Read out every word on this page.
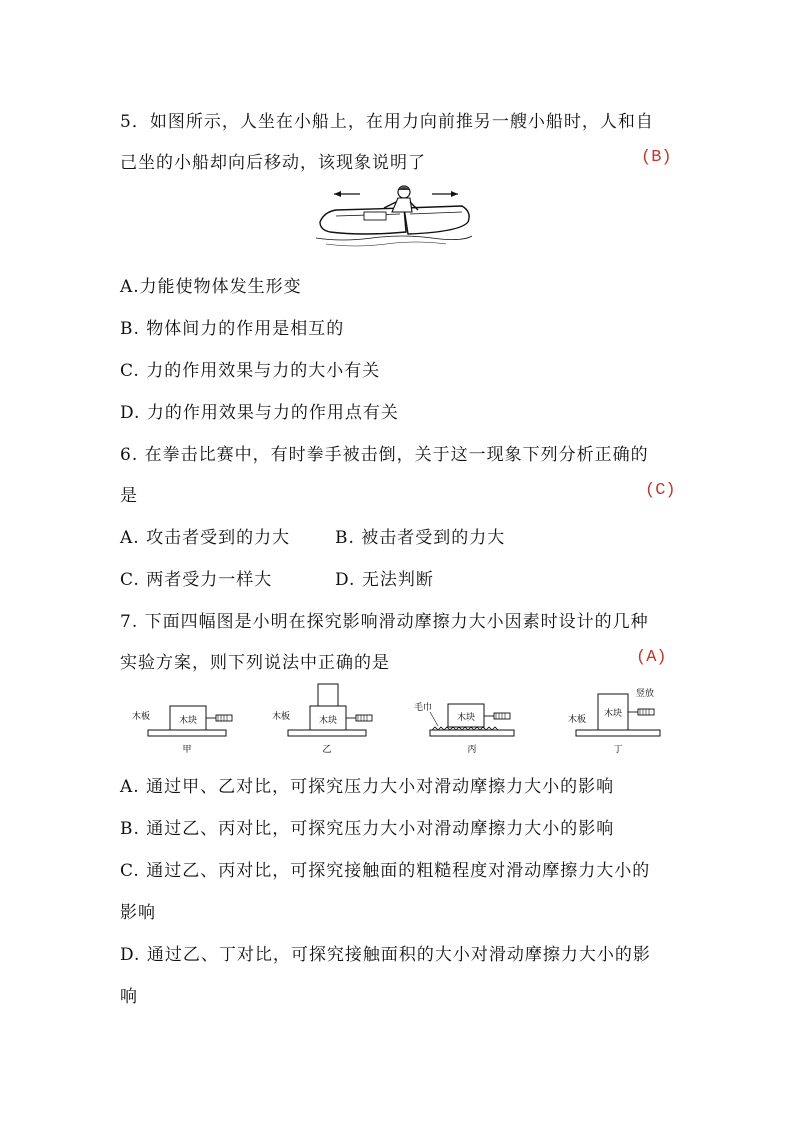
5．如图所示，人坐在小船上，在用力向前推另一艘小船时，人和自
己坐的小船却向后移动，该现象说明了	(B)
A.力能使物体发生形变
B. 物体间力的作用是相互的
C. 力的作用效果与力的大小有关
D. 力的作用效果与力的作用点有关
6. 在拳击比赛中，有时拳手被击倒，关于这一现象下列分析正确的
是	(C)
A. 攻击者受到的力大	B. 被击者受到的力大
C. 两者受力一样大	D. 无法判断
7. 下面四幅图是小明在探究影响滑动摩擦力大小因素时设计的几种
实验方案，则下列说法中正确的是	(A)
木块
木板
甲
木块
木板
乙
木块
毛巾
丙
木块
木板
竖放
丁
A. 通过甲、乙对比，可探究压力大小对滑动摩擦力大小的影响
B. 通过乙、丙对比，可探究压力大小对滑动摩擦力大小的影响
C. 通过乙、丙对比，可探究接触面的粗糙程度对滑动摩擦力大小的
影响
D. 通过乙、丁对比，可探究接触面积的大小对滑动摩擦力大小的影
响
